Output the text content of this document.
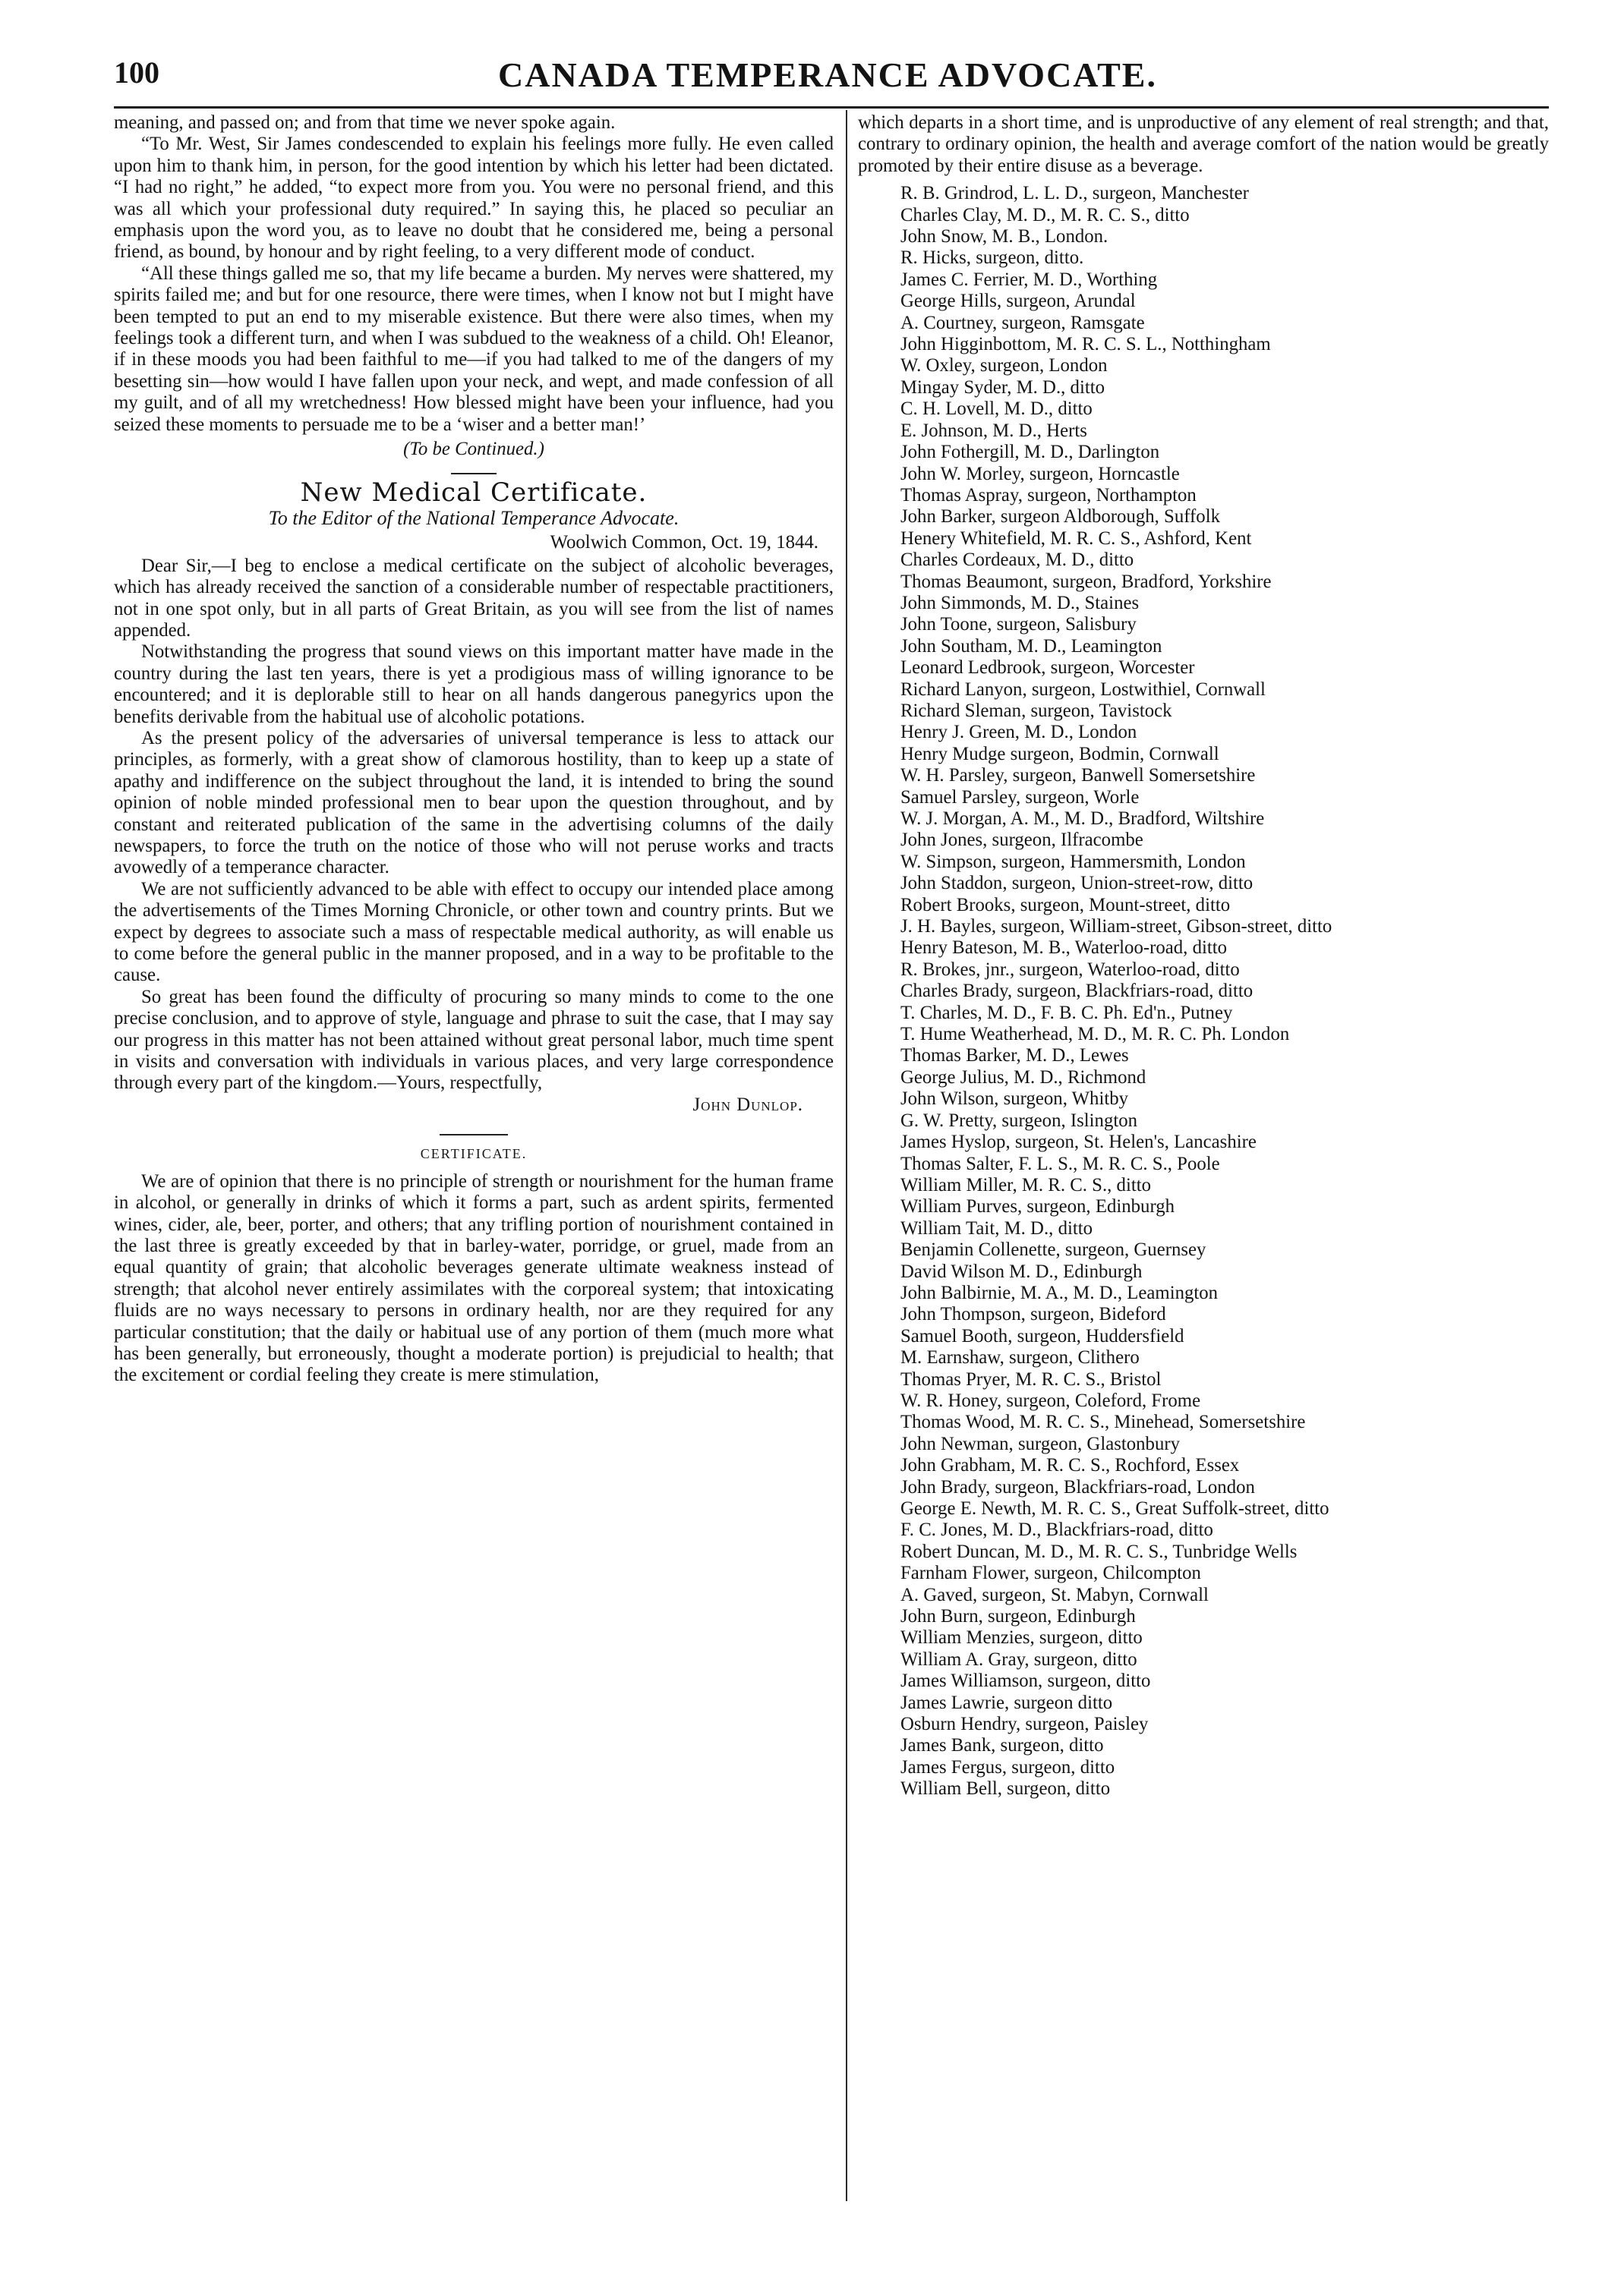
100	CANADA TEMPERANCE ADVOCATE.

meaning, and passed on; and from that time we never spoke again.

“To Mr. West, Sir James condescended to explain his feelings more fully. He even called upon him to thank him, in person, for the good intention by which his letter had been dictated. “I had no right,” he added, “to expect more from you. You were no personal friend, and this was all which your professional duty required.” In saying this, he placed so peculiar an emphasis upon the word you, as to leave no doubt that he considered me, being a personal friend, as bound, by honour and by right feeling, to a very different mode of conduct.

“All these things galled me so, that my life became a burden. My nerves were shattered, my spirits failed me; and but for one resource, there were times, when I know not but I might have been tempted to put an end to my miserable existence. But there were also times, when my feelings took a different turn, and when I was subdued to the weakness of a child. Oh! Eleanor, if in these moods you had been faithful to me—if you had talked to me of the dangers of my besetting sin—how would I have fallen upon your neck, and wept, and made confession of all my guilt, and of all my wretchedness! How blessed might have been your influence, had you seized these moments to persuade me to be a ‘wiser and a better man!’

(To be Continued.)
New Medical Certificate.
To the Editor of the National Temperance Advocate.
Woolwich Common, Oct. 19, 1844.

Dear Sir,—I beg to enclose a medical certificate on the subject of alcoholic beverages, which has already received the sanction of a considerable number of respectable practitioners, not in one spot only, but in all parts of Great Britain, as you will see from the list of names appended.

Notwithstanding the progress that sound views on this important matter have made in the country during the last ten years, there is yet a prodigious mass of willing ignorance to be encountered; and it is deplorable still to hear on all hands dangerous panegyrics upon the benefits derivable from the habitual use of alcoholic potations.

As the present policy of the adversaries of universal temperance is less to attack our principles, as formerly, with a great show of clamorous hostility, than to keep up a state of apathy and indifference on the subject throughout the land, it is intended to bring the sound opinion of noble minded professional men to bear upon the question throughout, and by constant and reiterated publication of the same in the advertising columns of the daily newspapers, to force the truth on the notice of those who will not peruse works and tracts avowedly of a temperance character.

We are not sufficiently advanced to be able with effect to occupy our intended place among the advertisements of the Times Morning Chronicle, or other town and country prints. But we expect by degrees to associate such a mass of respectable medical authority, as will enable us to come before the general public in the manner proposed, and in a way to be profitable to the cause.

So great has been found the difficulty of procuring so many minds to come to the one precise conclusion, and to approve of style, language and phrase to suit the case, that I may say our progress in this matter has not been attained without great personal labor, much time spent in visits and conversation with individuals in various places, and very large correspondence through every part of the kingdom.—Yours, respectfully,

John Dunlop.
CERTIFICATE.

We are of opinion that there is no principle of strength or nourishment for the human frame in alcohol, or generally in drinks of which it forms a part, such as ardent spirits, fermented wines, cider, ale, beer, porter, and others; that any trifling portion of nourishment contained in the last three is greatly exceeded by that in barley-water, porridge, or gruel, made from an equal quantity of grain; that alcoholic beverages generate ultimate weakness instead of strength; that alcohol never entirely assimilates with the corporeal system; that intoxicating fluids are no ways necessary to persons in ordinary health, nor are they required for any particular constitution; that the daily or habitual use of any portion of them (much more what has been generally, but erroneously, thought a moderate portion) is prejudicial to health; that the excitement or cordial feeling they create is mere stimulation,

which departs in a short time, and is unproductive of any element of real strength; and that, contrary to ordinary opinion, the health and average comfort of the nation would be greatly promoted by their entire disuse as a beverage.

R. B. Grindrod, L. L. D., surgeon, Manchester
Charles Clay, M. D., M. R. C. S., ditto
John Snow, M. B., London.
R. Hicks, surgeon, ditto.
James C. Ferrier, M. D., Worthing
George Hills, surgeon, Arundal
A. Courtney, surgeon, Ramsgate
John Higginbottom, M. R. C. S. L., Notthingham
W. Oxley, surgeon, London
Mingay Syder, M. D., ditto
C. H. Lovell, M. D., ditto
E. Johnson, M. D., Herts
John Fothergill, M. D., Darlington
John W. Morley, surgeon, Horncastle
Thomas Aspray, surgeon, Northampton
John Barker, surgeon Aldborough, Suffolk
Henery Whitefield, M. R. C. S., Ashford, Kent
Charles Cordeaux, M. D., ditto
Thomas Beaumont, surgeon, Bradford, Yorkshire
John Simmonds, M. D., Staines
John Toone, surgeon, Salisbury
John Southam, M. D., Leamington
Leonard Ledbrook, surgeon, Worcester
Richard Lanyon, surgeon, Lostwithiel, Cornwall
Richard Sleman, surgeon, Tavistock
Henry J. Green, M. D., London
Henry Mudge surgeon, Bodmin, Cornwall
W. H. Parsley, surgeon, Banwell Somersetshire
Samuel Parsley, surgeon, Worle
W. J. Morgan, A. M., M. D., Bradford, Wiltshire
John Jones, surgeon, Ilfracombe
W. Simpson, surgeon, Hammersmith, London
John Staddon, surgeon, Union-street-row, ditto
Robert Brooks, surgeon, Mount-street, ditto
J. H. Bayles, surgeon, William-street, Gibson-street, ditto
Henry Bateson, M. B., Waterloo-road, ditto
R. Brokes, jnr., surgeon, Waterloo-road, ditto
Charles Brady, surgeon, Blackfriars-road, ditto
T. Charles, M. D., F. B. C. Ph. Ed'n., Putney
T. Hume Weatherhead, M. D., M. R. C. Ph. London
Thomas Barker, M. D., Lewes
George Julius, M. D., Richmond
John Wilson, surgeon, Whitby
G. W. Pretty, surgeon, Islington
James Hyslop, surgeon, St. Helen's, Lancashire
Thomas Salter, F. L. S., M. R. C. S., Poole
William Miller, M. R. C. S., ditto
William Purves, surgeon, Edinburgh
William Tait, M. D., ditto
Benjamin Collenette, surgeon, Guernsey
David Wilson M. D., Edinburgh
John Balbirnie, M. A., M. D., Leamington
John Thompson, surgeon, Bideford
Samuel Booth, surgeon, Huddersfield
M. Earnshaw, surgeon, Clithero
Thomas Pryer, M. R. C. S., Bristol
W. R. Honey, surgeon, Coleford, Frome
Thomas Wood, M. R. C. S., Minehead, Somersetshire
John Newman, surgeon, Glastonbury
John Grabham, M. R. C. S., Rochford, Essex
John Brady, surgeon, Blackfriars-road, London
George E. Newth, M. R. C. S., Great Suffolk-street, ditto
F. C. Jones, M. D., Blackfriars-road, ditto
Robert Duncan, M. D., M. R. C. S., Tunbridge Wells
Farnham Flower, surgeon, Chilcompton
A. Gaved, surgeon, St. Mabyn, Cornwall
John Burn, surgeon, Edinburgh
William Menzies, surgeon, ditto
William A. Gray, surgeon, ditto
James Williamson, surgeon, ditto
James Lawrie, surgeon ditto
Osburn Hendry, surgeon, Paisley
James Bank, surgeon, ditto
James Fergus, surgeon, ditto
William Bell, surgeon, ditto
